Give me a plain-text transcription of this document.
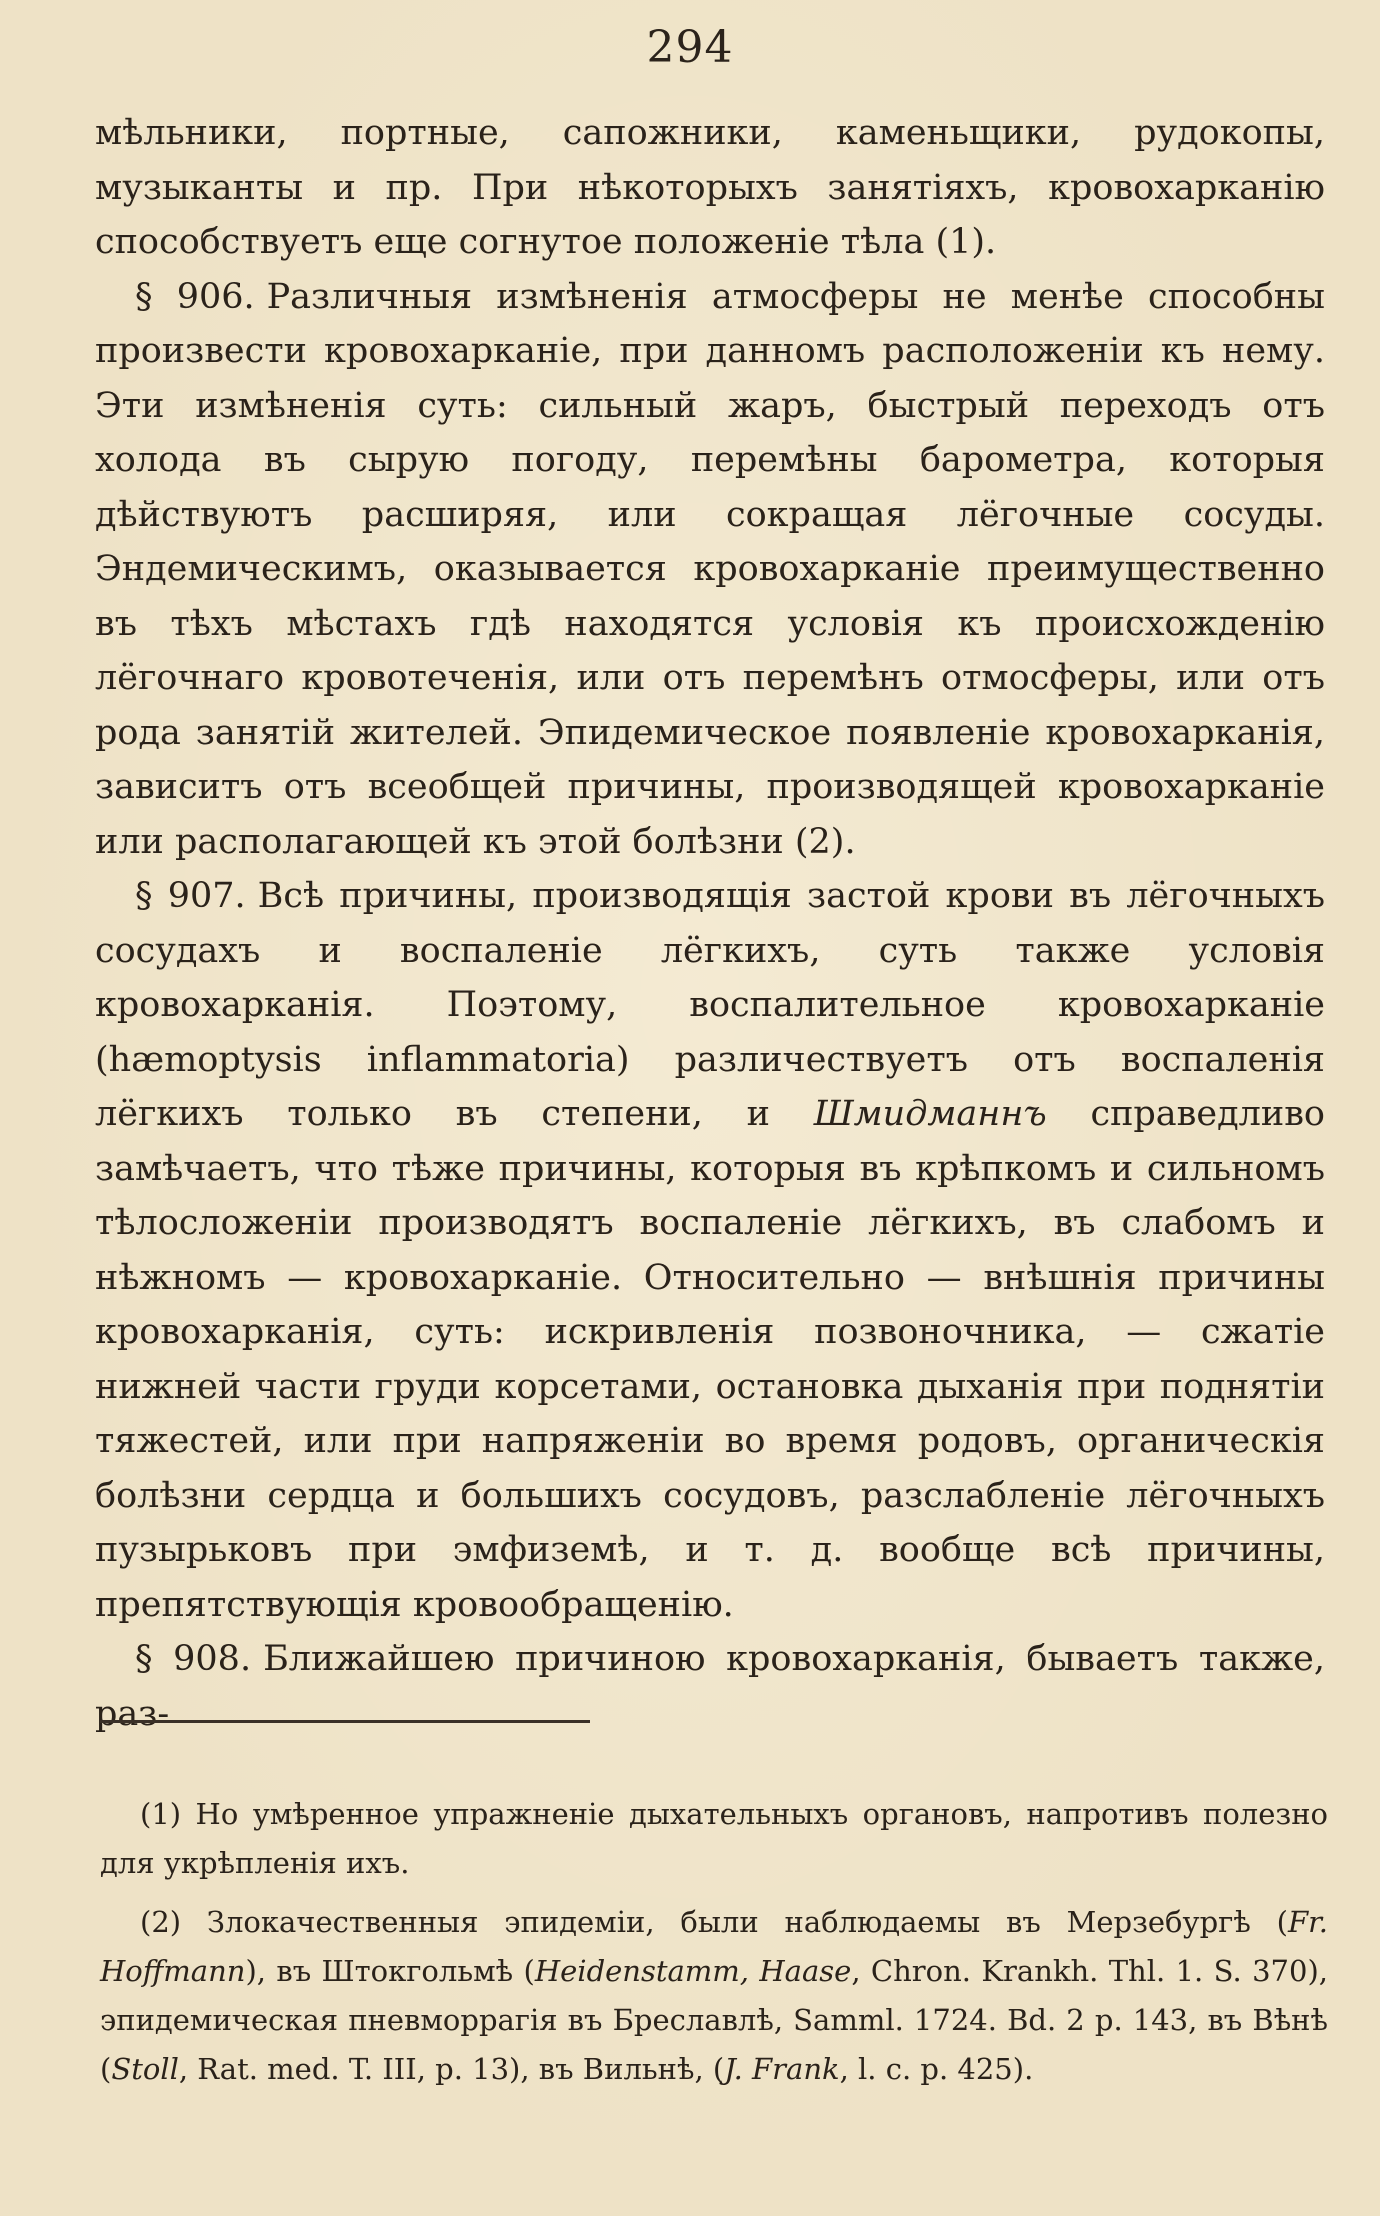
294

мѣльники, портные, сапожники, каменьщики, рудокопы, музыканты и пр. При нѣкоторыхъ занятіяхъ, кровохарканію способствуетъ еще согнутое положеніе тѣла (1).

§ 906. Различныя измѣненія атмосферы не менѣе способны произвести кровохарканіе, при данномъ расположеніи къ нему. Эти измѣненія суть: сильный жаръ, быстрый переходъ отъ холода въ сырую погоду, перемѣны барометра, которыя дѣйствуютъ расширяя, или сокращая лёгочные сосуды. Эндемическимъ, оказывается кровохарканіе преимущественно въ тѣхъ мѣстахъ гдѣ находятся условія къ происхожденію лёгочнаго кровотеченія, или отъ перемѣнъ отмосферы, или отъ рода занятій жителей. Эпидемическое появленіе кровохарканія, зависитъ отъ всеобщей причины, производящей кровохарканіе или располагающей къ этой болѣзни (2).

§ 907. Всѣ причины, производящія застой крови въ лёгочныхъ сосудахъ и воспаленіе лёгкихъ, суть также условія кровохарканія. Поэтому, воспалительное кровохарканіе (hæmoptysis inflammatoria) различествуетъ отъ воспаленія лёгкихъ только въ степени, и Шмидманнъ справедливо замѣчаетъ, что тѣже причины, которыя въ крѣпкомъ и сильномъ тѣлосложеніи производятъ воспаленіе лёгкихъ, въ слабомъ и нѣжномъ — кровохарканіе. Относительно — внѣшнія причины кровохарканія, суть: искривленія позвоночника, — сжатіе нижней части груди корсетами, остановка дыханія при поднятіи тяжестей, или при напряженіи во время родовъ, органическія болѣзни сердца и большихъ сосудовъ, разслабленіе лёгочныхъ пузырьковъ при эмфиземѣ, и т. д. вообще всѣ причины, препятствующія кровообращенію.

§ 908. Ближайшею причиною кровохарканія, бываетъ также, раз-

(1) Но умѣренное упражненіе дыхательныхъ органовъ, напротивъ полезно для укрѣпленія ихъ.

(2) Злокачественныя эпидеміи, были наблюдаемы въ Мерзебургѣ (Fr. Hoffmann), въ Штокгольмѣ (Heidenstamm, Haase, Chron. Krankh. Thl. 1. S. 370), эпидемическая пневморрагія въ Бреславлѣ, Samml. 1724. Bd. 2 p. 143, въ Вѣнѣ (Stoll, Rat. med. T. III, p. 13), въ Вильнѣ, (J. Frank, l. c. p. 425).
